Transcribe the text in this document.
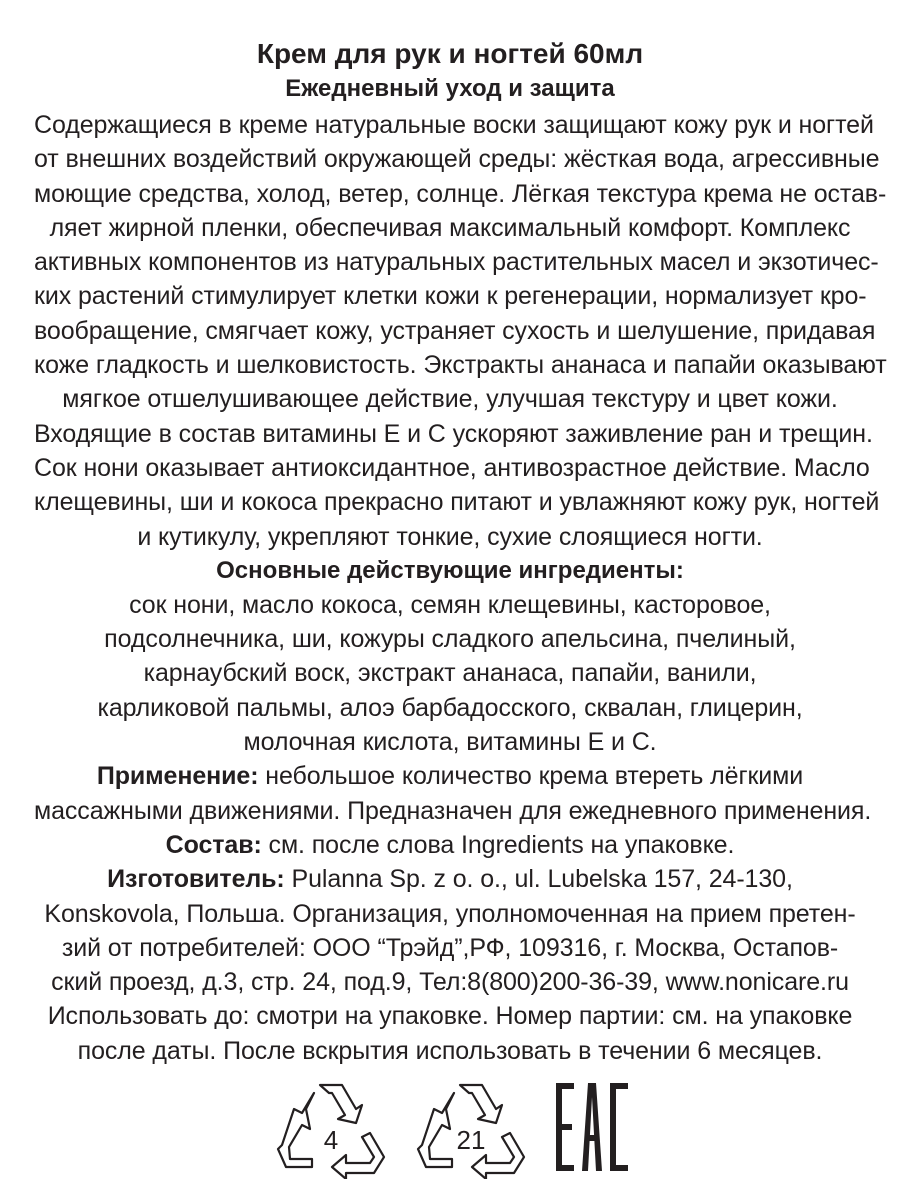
Крем для рук и ногтей 60мл

Ежедневный уход и защита

Содержащиеся в креме натуральные воски защищают кожу рук и ногтей
от внешних воздействий окружающей среды: жёсткая вода, агрессивные
моющие средства, холод, ветер, солнце. Лёгкая текстура крема не остав-
ляет жирной пленки, обеспечивая максимальный комфорт. Комплекс
активных компонентов из натуральных растительных масел и экзотичес-
ких растений стимулирует клетки кожи к регенерации, нормализует кро-
вообращение, смягчает кожу, устраняет сухость и шелушение, придавая
коже гладкость и шелковистость. Экстракты ананаса и папайи оказывают
мягкое отшелушивающее действие, улучшая текстуру и цвет кожи.
Входящие в состав витамины Е и С ускоряют заживление ран и трещин.
Сок нони оказывает антиоксидантное, антивозрастное действие. Масло
клещевины, ши и кокоса прекрасно питают и увлажняют кожу рук, ногтей
и кутикулу, укрепляют тонкие, сухие слоящиеся ногти.

Основные действующие ингредиенты:

сок нони, масло кокоса, семян клещевины, касторовое,
подсолнечника, ши, кожуры сладкого апельсина, пчелиный,
карнаубский воск, экстракт ананаса, папайи, ванили,
карликовой пальмы, алоэ барбадосского, сквалан, глицерин,
молочная кислота, витамины Е и С.

Применение: небольшое количество крема втереть лёгкими
массажными движениями. Предназначен для ежедневного применения.

Состав: см. после слова Ingredients на упаковке.

Изготовитель: Pulanna Sp. z o. o., ul. Lubelska 157, 24-130,
Konskovola, Польша. Организация, уполномоченная на прием претен-
зий от потребителей: ООО “Трэйд”,РФ, 109316, г. Москва, Остапов-
ский проезд, д.3, стр. 24, под.9, Тел:8(800)200-36-39, www.nonicare.ru

Использовать до: смотри на упаковке. Номер партии: см. на упаковке
после даты. После вскрытия использовать в течении 6 месяцев.

4	21
